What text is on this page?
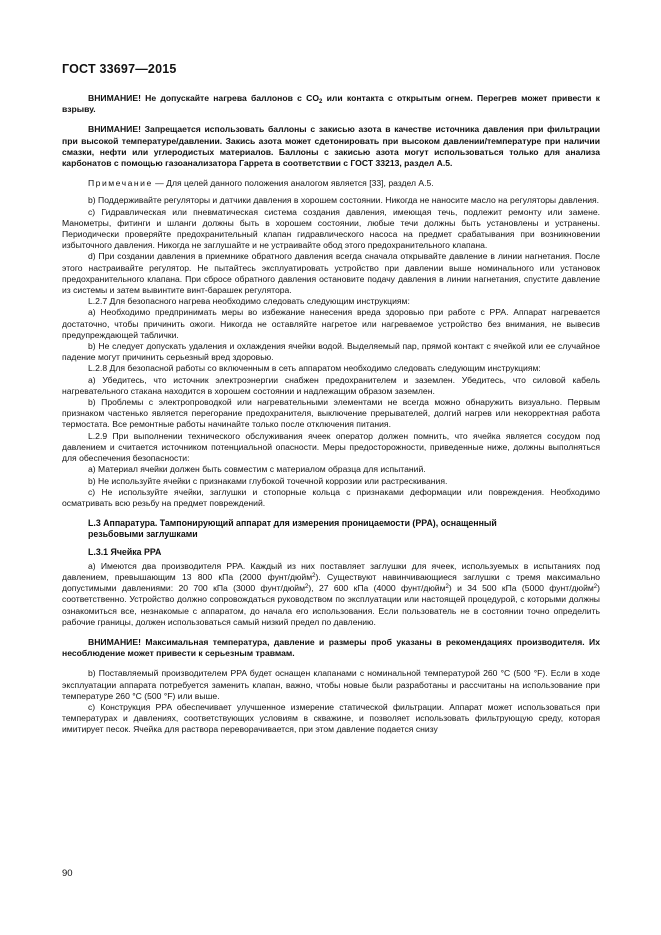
ГОСТ 33697—2015

ВНИМАНИЕ! Не допускайте нагрева баллонов с $CO_2$ или контакта с открытым огнем. Перегрев может привести к взрыву.

ВНИМАНИЕ! Запрещается использовать баллоны с закисью азота в качестве источника давления при фильтрации при высокой температуре/давлении. Закись азота может сдетонировать при высоком давлении/температуре при наличии смазки, нефти или углеродистых материалов. Баллоны с закисью азота могут использоваться только для анализа карбонатов с помощью газоанализатора Гаррета в соответствии с ГОСТ 33213, раздел А.5.

Примечание — Для целей данного положения аналогом является [33], раздел А.5.

b) Поддерживайте регуляторы и датчики давления в хорошем состоянии. Никогда не наносите масло на регуляторы давления.

c) Гидравлическая или пневматическая система создания давления, имеющая течь, подлежит ремонту или замене. Манометры, фитинги и шланги должны быть в хорошем состоянии, любые течи должны быть установлены и устранены. Периодически проверяйте предохранительный клапан гидравлического насоса на предмет срабатывания при возникновении избыточного давления. Никогда не заглушайте и не устраивайте обод этого предохранительного клапана.

d) При создании давления в приемнике обратного давления всегда сначала открывайте давление в линии нагнетания. После этого настраивайте регулятор. Не пытайтесь эксплуатировать устройство при давлении выше номинального или установок предохранительного клапана. При сбросе обратного давления остановите подачу давления в линии нагнетания, спустите давление из системы и затем вывинтите винт-барашек регулятора.

L.2.7 Для безопасного нагрева необходимо следовать следующим инструкциям:

a) Необходимо предпринимать меры во избежание нанесения вреда здоровью при работе с PPA. Аппарат нагревается достаточно, чтобы причинить ожоги. Никогда не оставляйте нагретое или нагреваемое устройство без внимания, не вывесив предупреждающей таблички.

b) Не следует допускать удаления и охлаждения ячейки водой. Выделяемый пар, прямой контакт с ячейкой или ее случайное падение могут причинить серьезный вред здоровью.

L.2.8 Для безопасной работы со включенным в сеть аппаратом необходимо следовать следующим инструкциям:

a) Убедитесь, что источник электроэнергии снабжен предохранителем и заземлен. Убедитесь, что силовой кабель нагревательного стакана находится в хорошем состоянии и надлежащим образом заземлен.

b) Проблемы с электропроводкой или нагревательными элементами не всегда можно обнаружить визуально. Первым признаком частенько является перегорание предохранителя, выключение прерывателей, долгий нагрев или некорректная работа термостата. Все ремонтные работы начинайте только после отключения питания.

L.2.9 При выполнении технического обслуживания ячеек оператор должен помнить, что ячейка является сосудом под давлением и считается источником потенциальной опасности. Меры предосторожности, приведенные ниже, должны выполняться для обеспечения безопасности:

a) Материал ячейки должен быть совместим с материалом образца для испытаний.

b) Не используйте ячейки с признаками глубокой точечной коррозии или растрескивания.

c) Не используйте ячейки, заглушки и стопорные кольца с признаками деформации или повреждения. Необходимо осматривать всю резьбу на предмет повреждений.

L.3 Аппаратура. Тампонирующий аппарат для измерения проницаемости (PPA), оснащенный

резьбовыми заглушками

L.3.1 Ячейка PPA

a) Имеются два производителя PPA. Каждый из них поставляет заглушки для ячеек, используемых в испытаниях под давлением, превышающим 13 800 кПа (2000 фунт/дюйм$^2$). Существуют навинчивающиеся заглушки с тремя максимально допустимыми давлениями: 20 700 кПа (3000 фунт/дюйм$^2$), 27 600 кПа (4000 фунт/дюйм$^2$) и 34 500 кПа (5000 фунт/дюйм$^2$) соответственно. Устройство должно сопровождаться руководством по эксплуатации или настоящей процедурой, с которыми должны ознакомиться все, незнакомые с аппаратом, до начала его использования. Если пользователь не в состоянии точно определить рабочие границы, должен использоваться самый низкий предел по давлению.

ВНИМАНИЕ! Максимальная температура, давление и размеры проб указаны в рекомендациях производителя. Их несоблюдение может привести к серьезным травмам.

b) Поставляемый производителем PPA будет оснащен клапанами с номинальной температурой 260 °C (500 °F). Если в ходе эксплуатации аппарата потребуется заменить клапан, важно, чтобы новые были разработаны и рассчитаны на использование при температуре 260 °C (500 °F) или выше.

c) Конструкция PPA обеспечивает улучшенное измерение статической фильтрации. Аппарат может использоваться при температурах и давлениях, соответствующих условиям в скважине, и позволяет использовать фильтрующую среду, которая имитирует песок. Ячейка для раствора переворачивается, при этом давление подается снизу

90
